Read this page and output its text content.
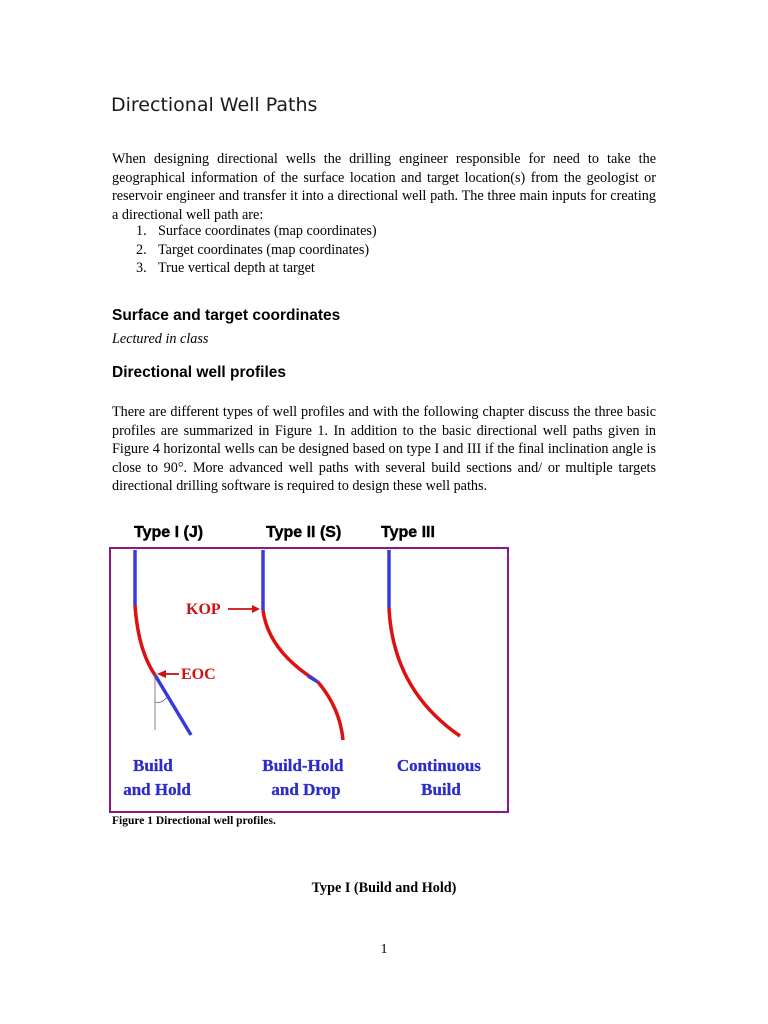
Directional Well Paths

When designing directional wells the drilling engineer responsible for need to take the geographical information of the surface location and target location(s) from the geologist or reservoir engineer and transfer it into a directional well path. The three main inputs for creating a directional well path are:

1. Surface coordinates (map coordinates)
2. Target coordinates (map coordinates)
3. True vertical depth at target
Surface and target coordinates

Lectured in class

Directional well profiles

There are different types of well profiles and with the following chapter discuss the three basic profiles are summarized in Figure 1. In addition to the basic directional well paths given in Figure 4 horizontal wells can be designed based on type I and III if the final inclination angle is close to 90°. More advanced well paths with several build sections and/ or multiple targets directional drilling software is required to design these well paths.

Type I (J)	Type II (S) Type III
KOP
EOC
Build and Hold
Build-Hold and Drop
Continuous Build

Figure 1 Directional well profiles.

Type I (Build and Hold)

1
